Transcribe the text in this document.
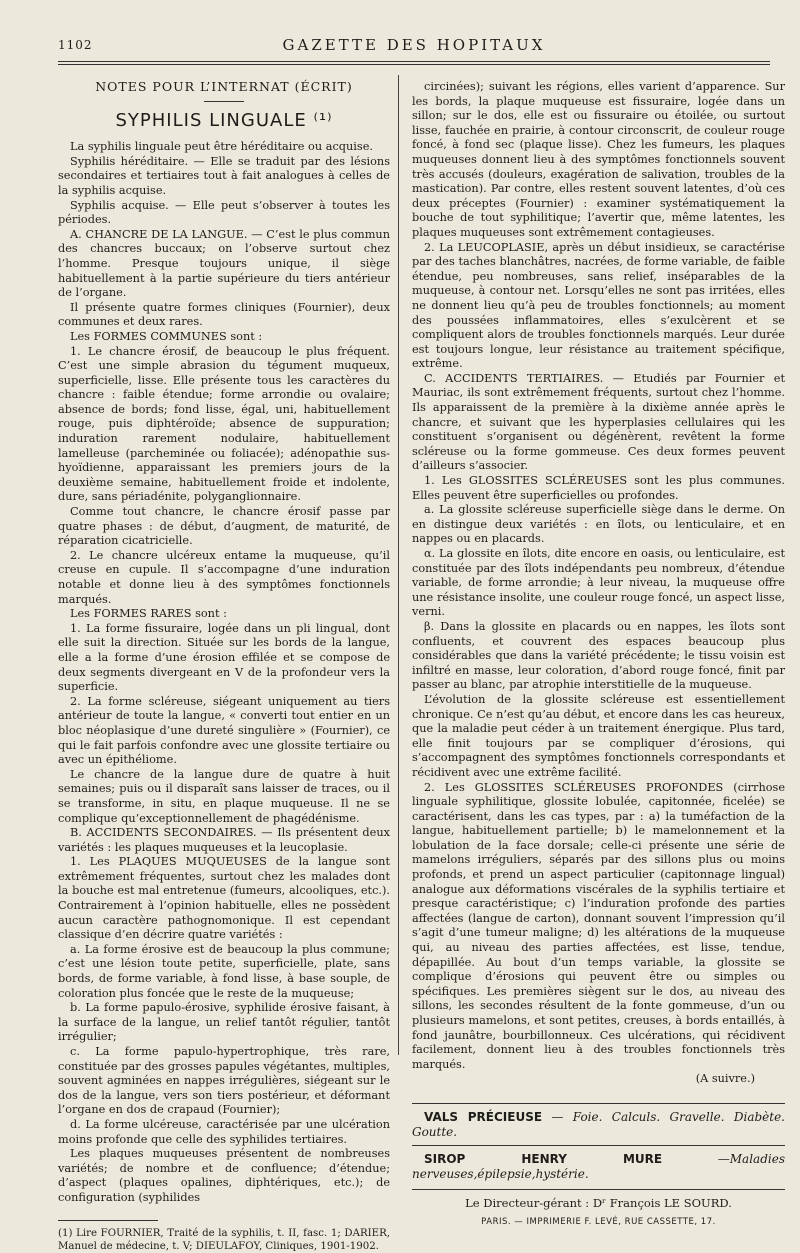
1102	GAZETTE DES HOPITAUX
NOTES POUR L’INTERNAT (ÉCRIT)
SYPHILIS LINGUALE ⁽¹⁾

La syphilis linguale peut être héréditaire ou acquise.

Syphilis héréditaire. — Elle se traduit par des lésions secondaires et tertiaires tout à fait analogues à celles de la syphilis acquise.

Syphilis acquise. — Elle peut s’observer à toutes les périodes.

A. CHANCRE DE LA LANGUE. — C’est le plus commun des chancres buccaux; on l’observe surtout chez l’homme. Presque toujours unique, il siège habituellement à la partie supérieure du tiers antérieur de l’organe.

Il présente quatre formes cliniques (Fournier), deux communes et deux rares.

Les FORMES COMMUNES sont :

1. Le chancre érosif, de beaucoup le plus fréquent. C’est une simple abrasion du tégument muqueux, superficielle, lisse. Elle présente tous les caractères du chancre : faible étendue; forme arrondie ou ovalaire; absence de bords; fond lisse, égal, uni, habituellement rouge, puis diphtéroïde; absence de suppuration; induration rarement nodulaire, habituellement lamelleuse (parcheminée ou foliacée); adénopathie sus-hyoïdienne, apparaissant les premiers jours de la deuxième semaine, habituellement froide et indolente, dure, sans périadénite, polyganglionnaire.

Comme tout chancre, le chancre érosif passe par quatre phases : de début, d’augment, de maturité, de réparation cicatricielle.

2. Le chancre ulcéreux entame la muqueuse, qu’il creuse en cupule. Il s’accompagne d’une induration notable et donne lieu à des symptômes fonctionnels marqués.

Les FORMES RARES sont :

1. La forme fissuraire, logée dans un pli lingual, dont elle suit la direction. Située sur les bords de la langue, elle a la forme d’une érosion effilée et se compose de deux segments divergeant en V de la profondeur vers la superficie.

2. La forme scléreuse, siégeant uniquement au tiers antérieur de toute la langue, « converti tout entier en un bloc néoplasique d’une dureté singulière » (Fournier), ce qui le fait parfois confondre avec une glossite tertiaire ou avec un épithéliome.

Le chancre de la langue dure de quatre à huit semaines; puis ou il disparaît sans laisser de traces, ou il se transforme, in situ, en plaque muqueuse. Il ne se complique qu’exceptionnellement de phagédénisme.

B. ACCIDENTS SECONDAIRES. — Ils présentent deux variétés : les plaques muqueuses et la leucoplasie.

1. Les PLAQUES MUQUEUSES de la langue sont extrêmement fréquentes, surtout chez les malades dont la bouche est mal entretenue (fumeurs, alcooliques, etc.). Contrairement à l’opinion habituelle, elles ne possèdent aucun caractère pathognomonique. Il est cependant classique d’en décrire quatre variétés :

a. La forme érosive est de beaucoup la plus commune; c’est une lésion toute petite, superficielle, plate, sans bords, de forme variable, à fond lisse, à base souple, de coloration plus foncée que le reste de la muqueuse;

b. La forme papulo-érosive, syphilide érosive faisant, à la surface de la langue, un relief tantôt régulier, tantôt irrégulier;

c. La forme papulo-hypertrophique, très rare, constituée par des grosses papules végétantes, multiples, souvent agminées en nappes irrégulières, siégeant sur le dos de la langue, vers son tiers postérieur, et déformant l’organe en dos de crapaud (Fournier);

d. La forme ulcéreuse, caractérisée par une ulcération moins profonde que celle des syphilides tertiaires.

Les plaques muqueuses présentent de nombreuses variétés; de nombre et de confluence; d’étendue; d’aspect (plaques opalines, diphtériques, etc.); de configuration (syphilides

(1) Lire FOURNIER, Traité de la syphilis, t. II, fasc. 1; DARIER, Manuel de médecine, t. V; DIEULAFOY, Cliniques, 1901-1902.

circinées); suivant les régions, elles varient d’apparence. Sur les bords, la plaque muqueuse est fissuraire, logée dans un sillon; sur le dos, elle est ou fissuraire ou étoilée, ou surtout lisse, fauchée en prairie, à contour circonscrit, de couleur rouge foncé, à fond sec (plaque lisse). Chez les fumeurs, les plaques muqueuses donnent lieu à des symptômes fonctionnels souvent très accusés (douleurs, exagération de salivation, troubles de la mastication). Par contre, elles restent souvent latentes, d’où ces deux préceptes (Fournier) : examiner systématiquement la bouche de tout syphilitique; l’avertir que, même latentes, les plaques muqueuses sont extrêmement contagieuses.

2. La LEUCOPLASIE, après un début insidieux, se caractérise par des taches blanchâtres, nacrées, de forme variable, de faible étendue, peu nombreuses, sans relief, inséparables de la muqueuse, à contour net. Lorsqu’elles ne sont pas irritées, elles ne donnent lieu qu’à peu de troubles fonctionnels; au moment des poussées inflammatoires, elles s’exulcèrent et se compliquent alors de troubles fonctionnels marqués. Leur durée est toujours longue, leur résistance au traitement spécifique, extrême.

C. ACCIDENTS TERTIAIRES. — Etudiés par Fournier et Mauriac, ils sont extrêmement fréquents, surtout chez l’homme. Ils apparaissent de la première à la dixième année après le chancre, et suivant que les hyperplasies cellulaires qui les constituent s’organisent ou dégénèrent, revêtent la forme scléreuse ou la forme gommeuse. Ces deux formes peuvent d’ailleurs s’associer.

1. Les GLOSSITES SCLÉREUSES sont les plus communes. Elles peuvent être superficielles ou profondes.

a. La glossite scléreuse superficielle siège dans le derme. On en distingue deux variétés : en îlots, ou lenticulaire, et en nappes ou en placards.

α. La glossite en îlots, dite encore en oasis, ou lenticulaire, est constituée par des îlots indépendants peu nombreux, d’étendue variable, de forme arrondie; à leur niveau, la muqueuse offre une résistance insolite, une couleur rouge foncé, un aspect lisse, verni.

β. Dans la glossite en placards ou en nappes, les îlots sont confluents, et couvrent des espaces beaucoup plus considérables que dans la variété précédente; le tissu voisin est infiltré en masse, leur coloration, d’abord rouge foncé, finit par passer au blanc, par atrophie interstitielle de la muqueuse.

L’évolution de la glossite scléreuse est essentiellement chronique. Ce n’est qu’au début, et encore dans les cas heureux, que la maladie peut céder à un traitement énergique. Plus tard, elle finit toujours par se compliquer d’érosions, qui s’accompagnent des symptômes fonctionnels correspondants et récidivent avec une extrême facilité.

2. Les GLOSSITES SCLÉREUSES PROFONDES (cirrhose linguale syphilitique, glossite lobulée, capitonnée, ficelée) se caractérisent, dans les cas types, par : a) la tuméfaction de la langue, habituellement partielle; b) le mamelonnement et la lobulation de la face dorsale; celle-ci présente une série de mamelons irréguliers, séparés par des sillons plus ou moins profonds, et prend un aspect particulier (capitonnage lingual) analogue aux déformations viscérales de la syphilis tertiaire et presque caractéristique; c) l’induration profonde des parties affectées (langue de carton), donnant souvent l’impression qu’il s’agit d’une tumeur maligne; d) les altérations de la muqueuse qui, au niveau des parties affectées, est lisse, tendue, dépapillée. Au bout d’un temps variable, la glossite se complique d’érosions qui peuvent être ou simples ou spécifiques. Les premières siègent sur le dos, au niveau des sillons, les secondes résultent de la fonte gommeuse, d’un ou plusieurs mamelons, et sont petites, creuses, à bords entaillés, à fond jaunâtre, bourbillonneux. Ces ulcérations, qui récidivent facilement, donnent lieu à des troubles fonctionnels très marqués.

(A suivre.)

VALS PRÉCIEUSE — Foie. Calculs. Gravelle. Diabète. Goutte.

SIROP HENRY MURE	—Maladies nerveuses,épilepsie,hystérie.

Le Directeur-gérant : Dʳ François LE SOURD.
PARIS. — IMPRIMERIE F. LEVÉ, RUE CASSETTE, 17.
